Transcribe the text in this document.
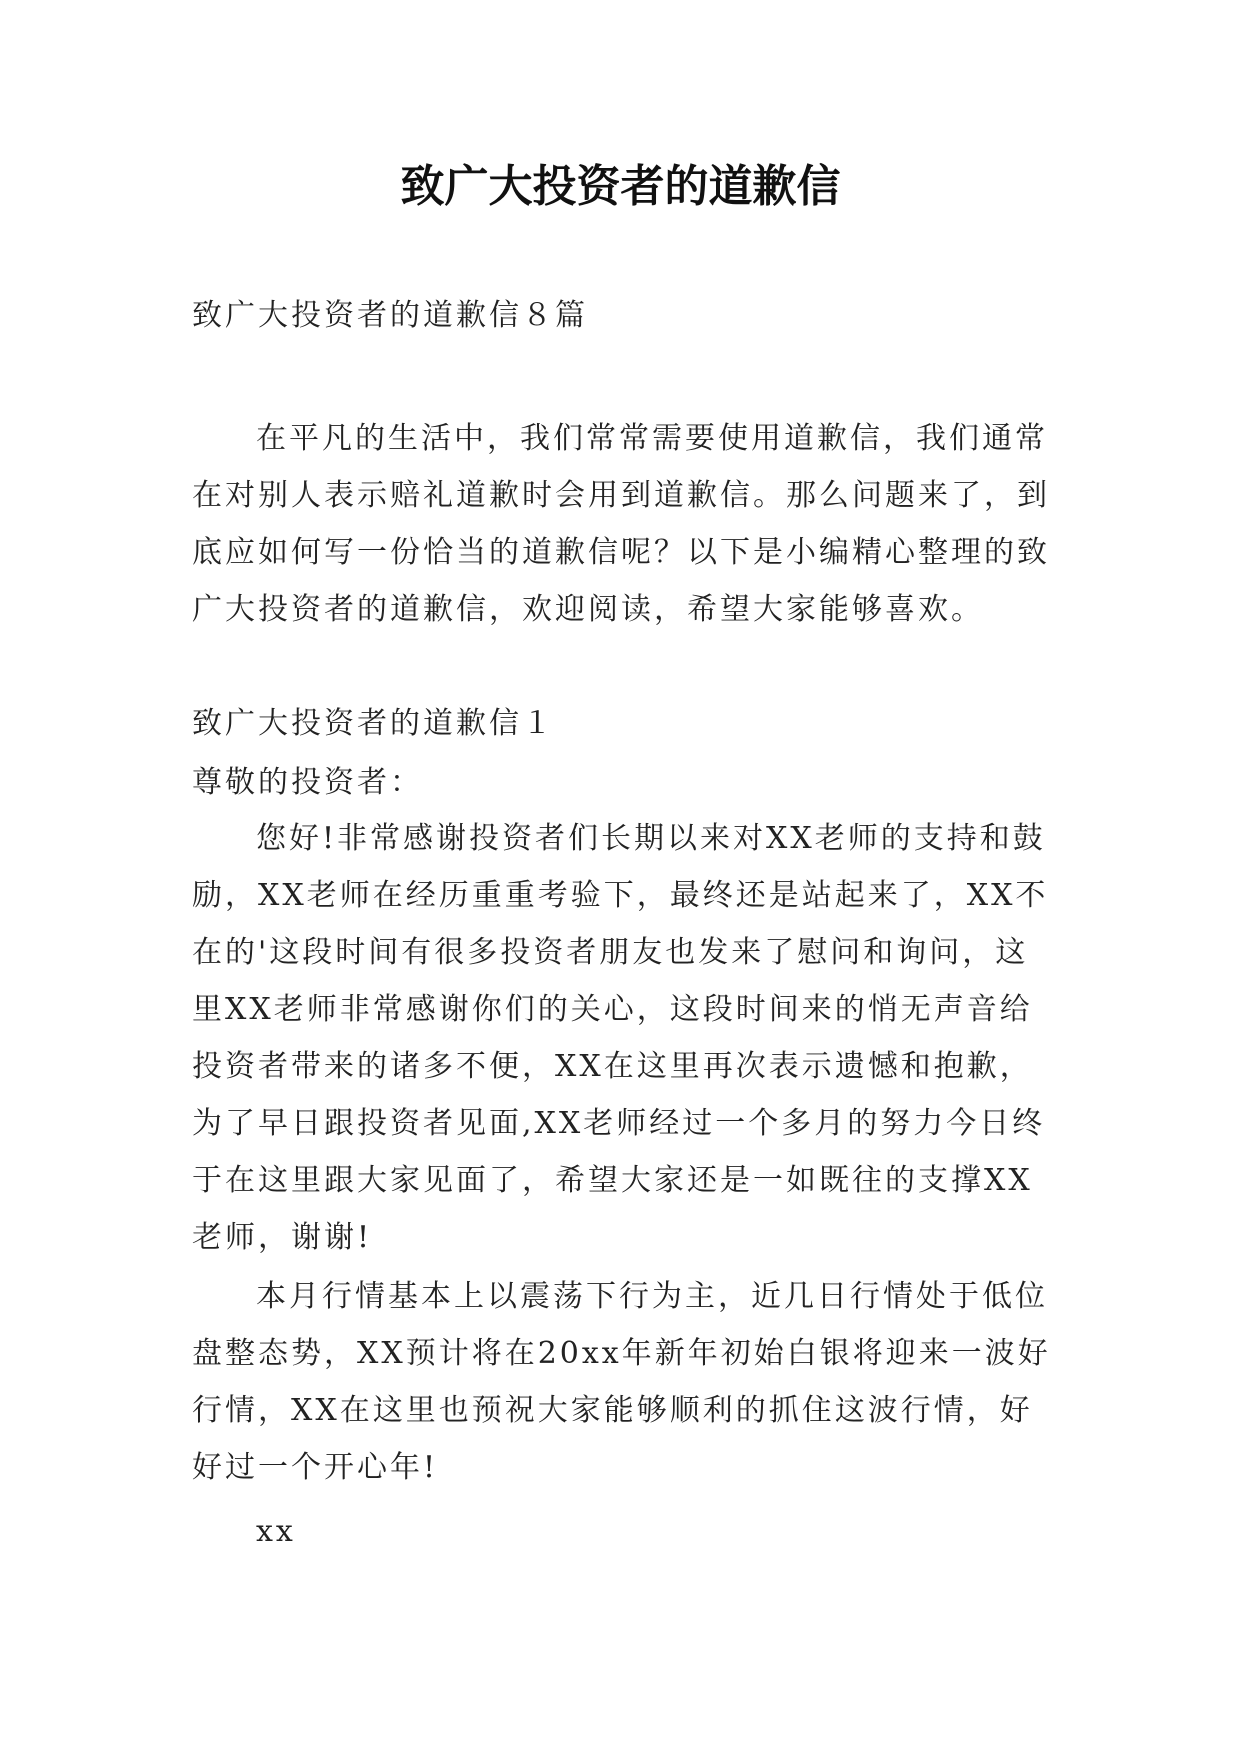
致广大投资者的道歉信
致广大投资者的道歉信８篇

在平凡的生活中，我们常常需要使用道歉信，我们通常在对别人表示赔礼道歉时会用到道歉信。那么问题来了，到底应如何写一份恰当的道歉信呢？以下是小编精心整理的致广大投资者的道歉信，欢迎阅读，希望大家能够喜欢。

致广大投资者的道歉信１
尊敬的投资者：

您好!非常感谢投资者们长期以来对XX老师的支持和鼓励，XX老师在经历重重考验下，最终还是站起来了，XX不在的'这段时间有很多投资者朋友也发来了慰问和询问，这里XX老师非常感谢你们的关心，这段时间来的悄无声音给投资者带来的诸多不便，XX在这里再次表示遗憾和抱歉，为了早日跟投资者见面,XX老师经过一个多月的努力今日终于在这里跟大家见面了，希望大家还是一如既往的支撑XX老师，谢谢!

本月行情基本上以震荡下行为主，近几日行情处于低位盘整态势，XX预计将在20xx年新年初始白银将迎来一波好行情，XX在这里也预祝大家能够顺利的抓住这波行情，好好过一个开心年!

xx
